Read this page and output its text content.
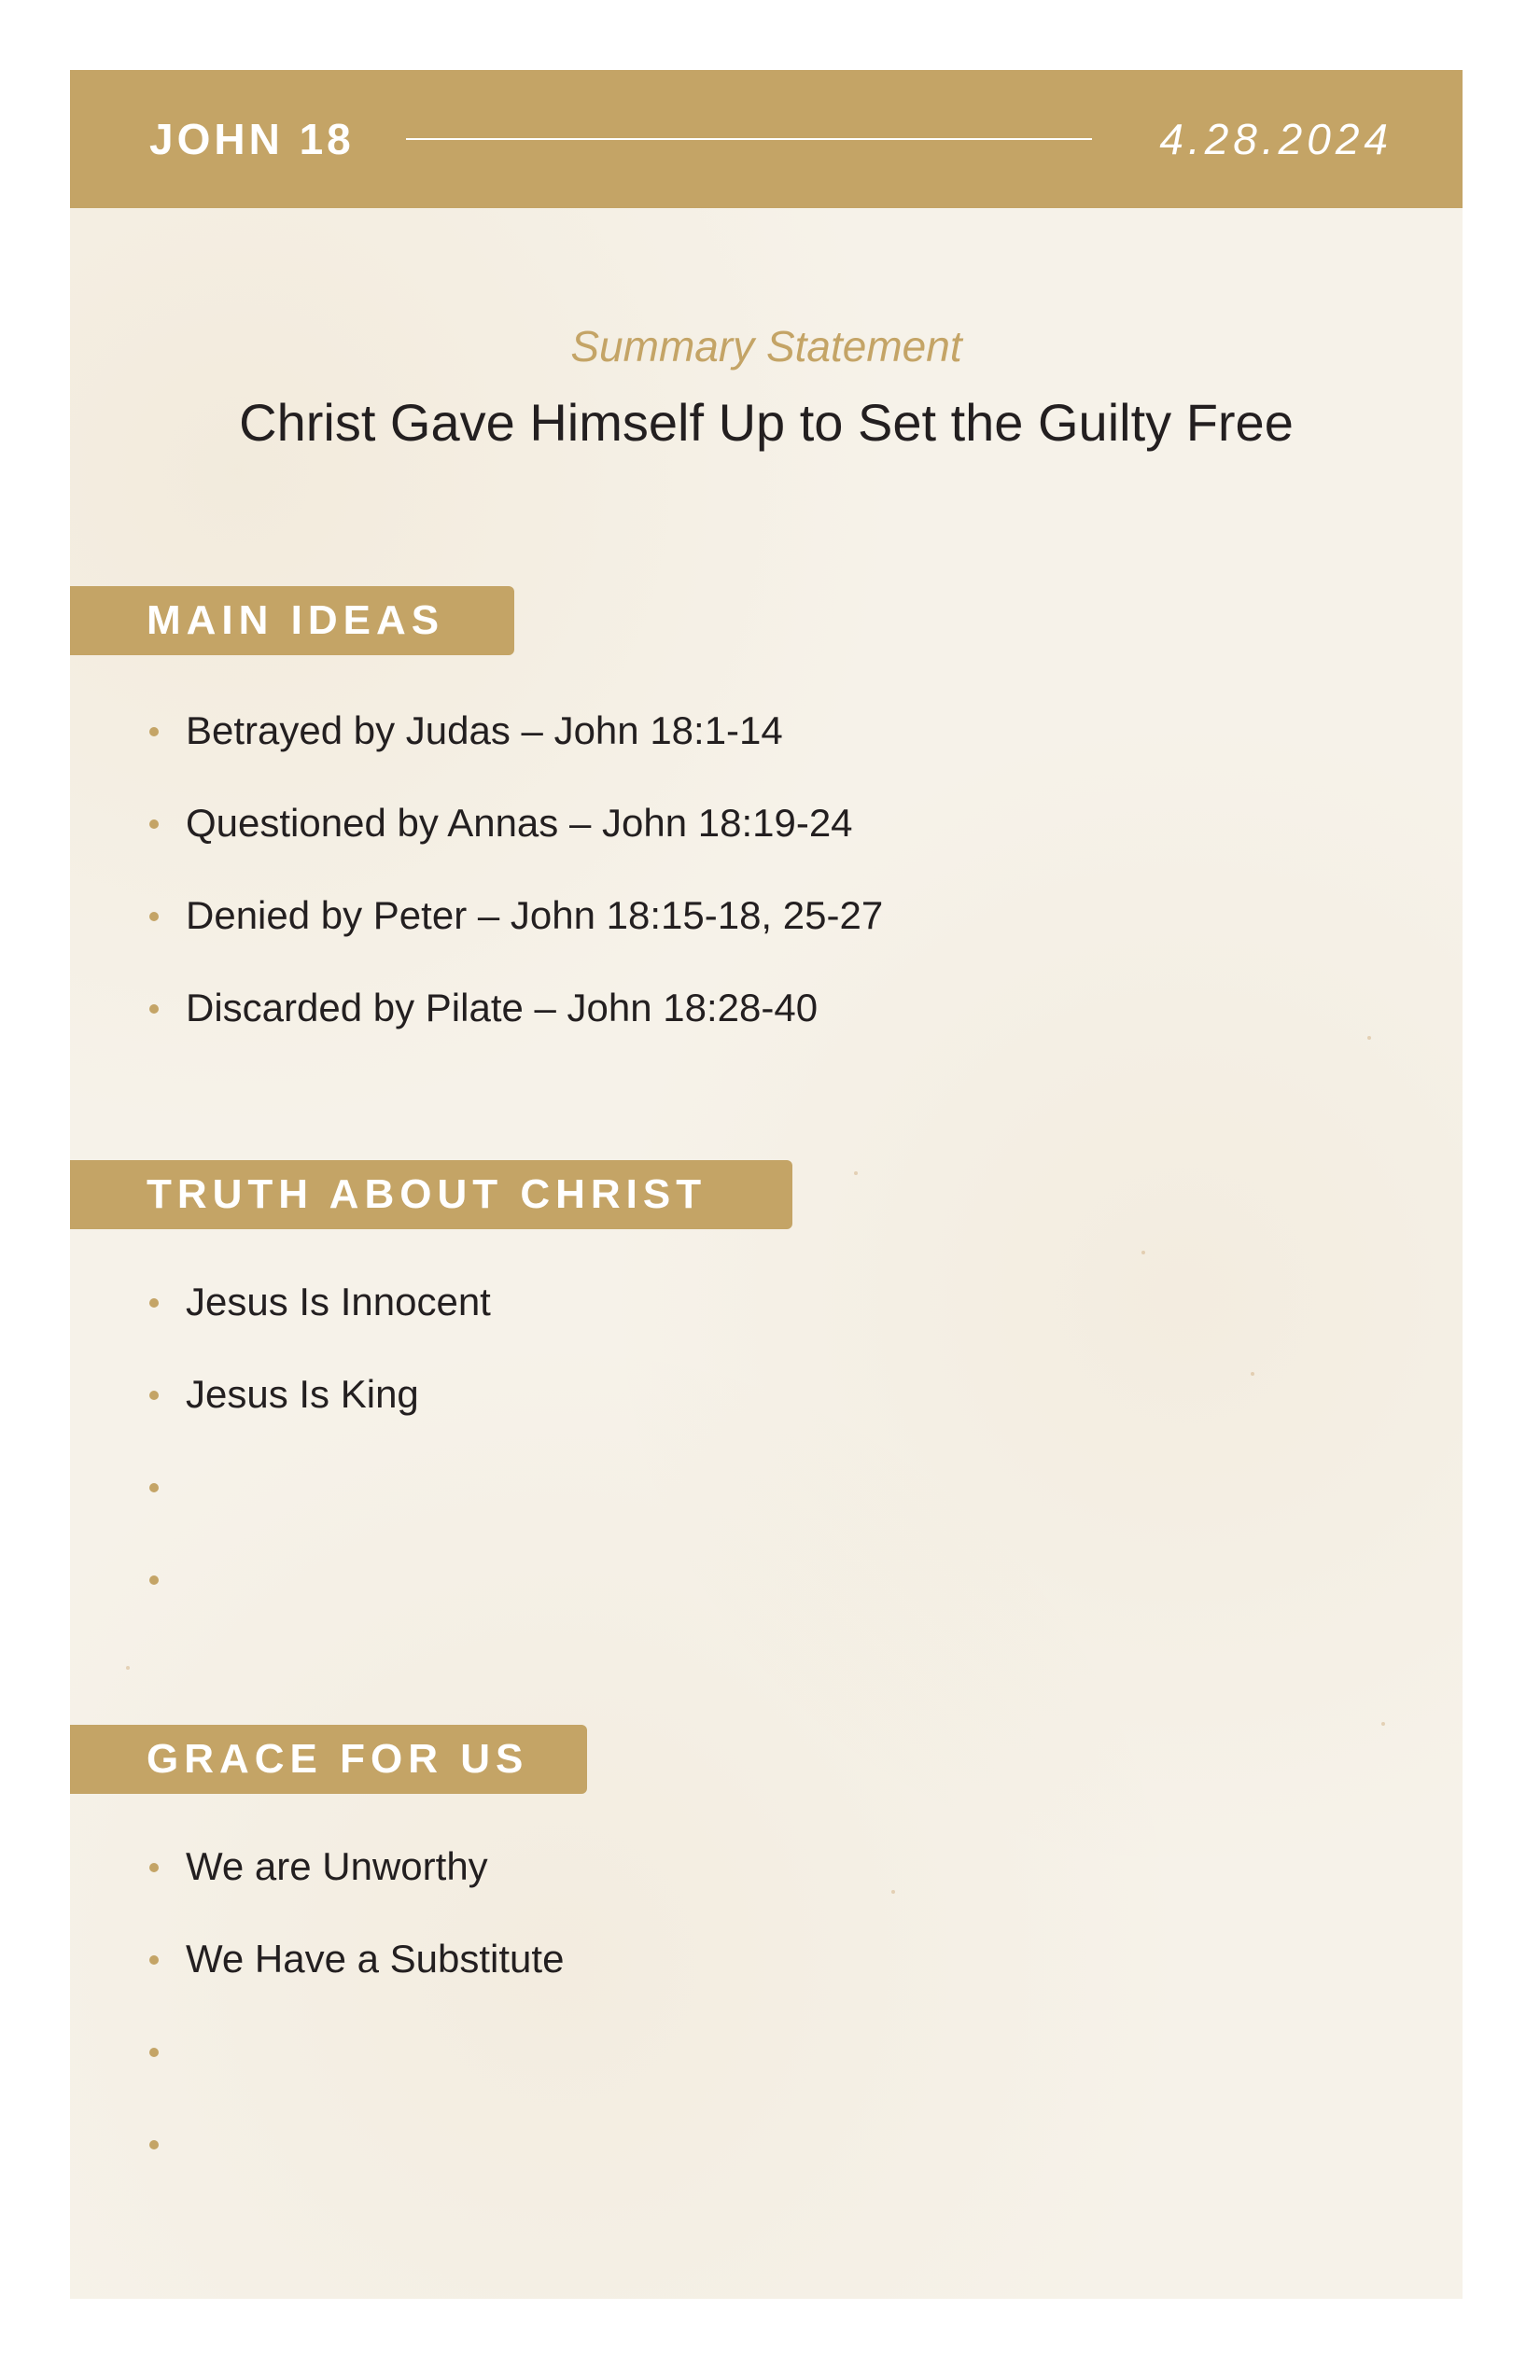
JOHN 18	4.28.2024
Summary Statement
Christ Gave Himself Up to Set the Guilty Free
MAIN IDEAS
Betrayed by Judas – John 18:1-14
Questioned by Annas – John 18:19-24
Denied by Peter – John 18:15-18, 25-27
Discarded by Pilate – John 18:28-40
TRUTH ABOUT CHRIST
Jesus Is Innocent
Jesus Is King
GRACE FOR US
We are Unworthy
We Have a Substitute
